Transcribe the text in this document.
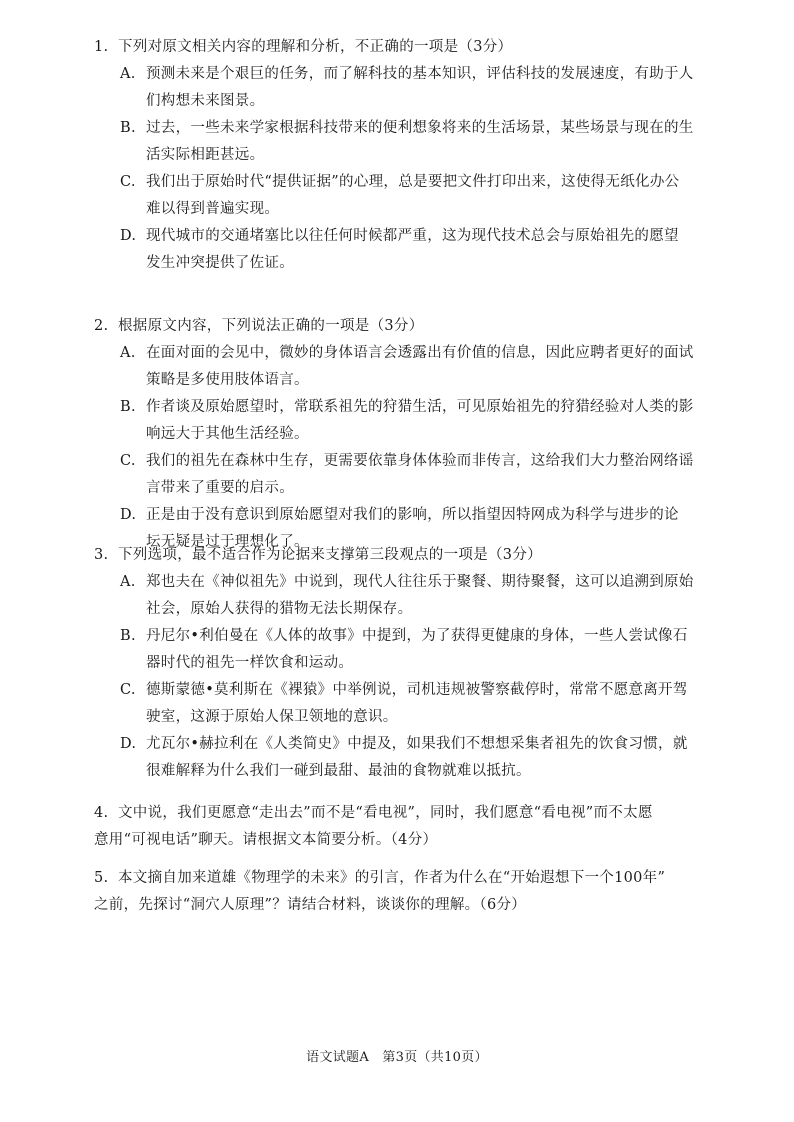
1. 下列对原文相关内容的理解和分析，不正确的一项是（3分）
A. 预测未来是个艰巨的任务，而了解科技的基本知识，评估科技的发展速度，有助于人
们构想未来图景。
B. 过去，一些未来学家根据科技带来的便利想象将来的生活场景，某些场景与现在的生
活实际相距甚远。
C. 我们出于原始时代“提供证据”的心理，总是要把文件打印出来，这使得无纸化办公
难以得到普遍实现。
D. 现代城市的交通堵塞比以往任何时候都严重，这为现代技术总会与原始祖先的愿望
发生冲突提供了佐证。
2. 根据原文内容，下列说法正确的一项是（3分）
A. 在面对面的会见中，微妙的身体语言会透露出有价值的信息，因此应聘者更好的面试
策略是多使用肢体语言。
B. 作者谈及原始愿望时，常联系祖先的狩猎生活，可见原始祖先的狩猎经验对人类的影
响远大于其他生活经验。
C. 我们的祖先在森林中生存，更需要依靠身体体验而非传言，这给我们大力整治网络谣
言带来了重要的启示。
D. 正是由于没有意识到原始愿望对我们的影响，所以指望因特网成为科学与进步的论
坛无疑是过于理想化了。
3. 下列选项，最不适合作为论据来支撑第三段观点的一项是（3分）
A. 郑也夫在《神似祖先》中说到，现代人往往乐于聚餐、期待聚餐，这可以追溯到原始
社会，原始人获得的猎物无法长期保存。
B. 丹尼尔•利伯曼在《人体的故事》中提到，为了获得更健康的身体，一些人尝试像石
器时代的祖先一样饮食和运动。
C. 德斯蒙德•莫利斯在《裸猿》中举例说，司机违规被警察截停时，常常不愿意离开驾
驶室，这源于原始人保卫领地的意识。
D. 尤瓦尔•赫拉利在《人类简史》中提及，如果我们不想想采集者祖先的饮食习惯，就
很难解释为什么我们一碰到最甜、最油的食物就难以抵抗。
4. 文中说，我们更愿意“走出去”而不是“看电视”，同时，我们愿意“看电视”而不太愿
意用“可视电话”聊天。请根据文本简要分析。（4分）
5. 本文摘自加来道雄《物理学的未来》的引言，作者为什么在“开始遐想下一个100年”
之前，先探讨“洞穴人原理”？请结合材料，谈谈你的理解。（6分）
语文试题A　第3页（共10页）
